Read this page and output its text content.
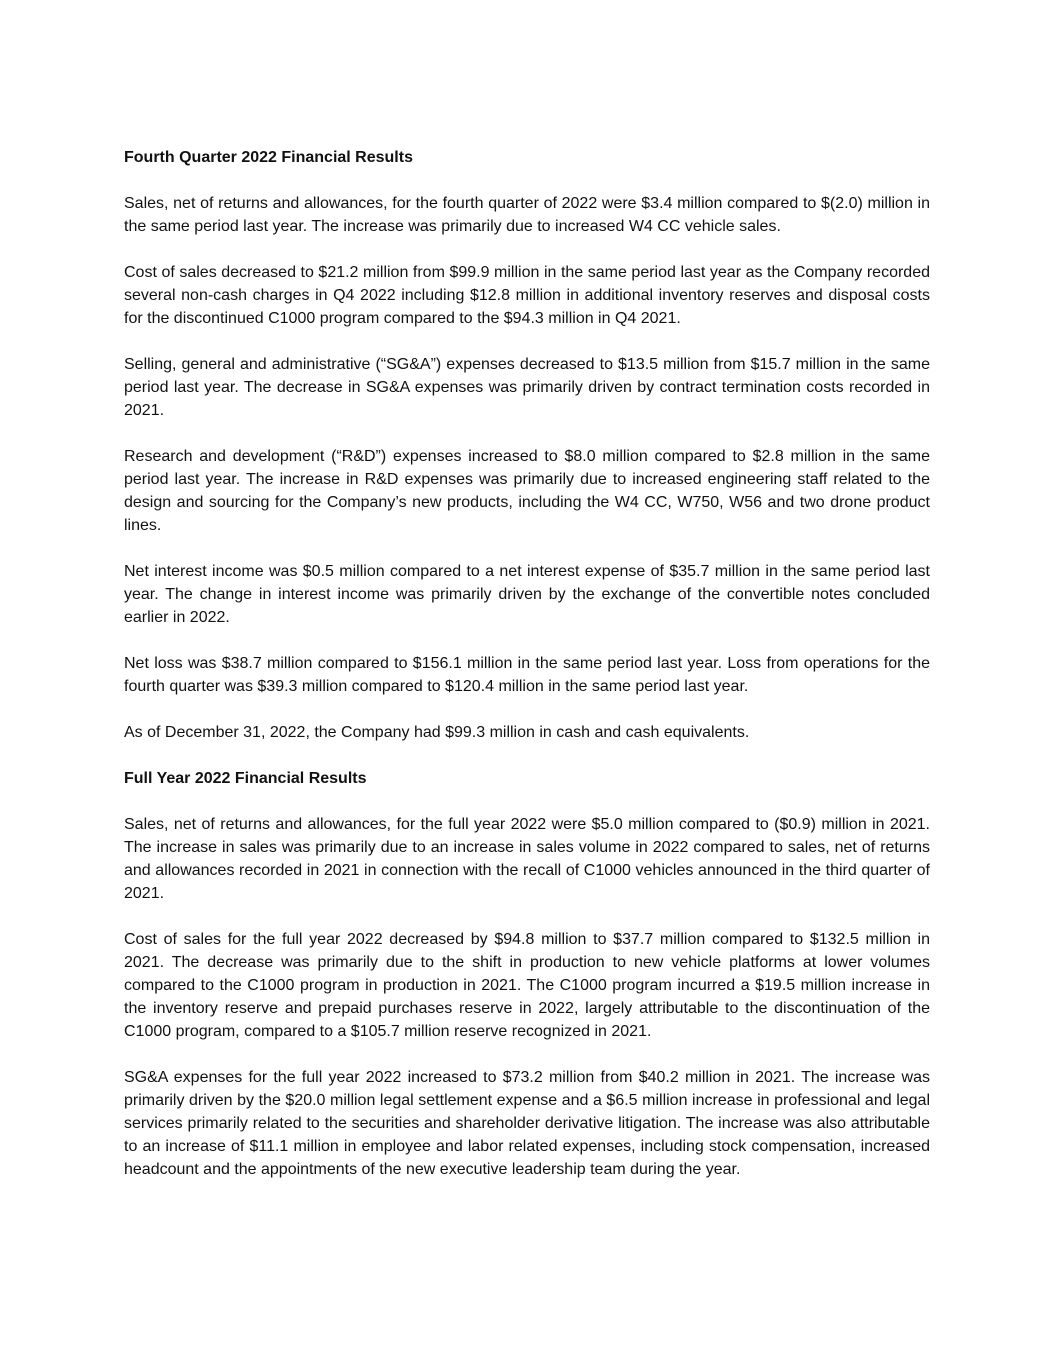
Fourth Quarter 2022 Financial Results

Sales, net of returns and allowances, for the fourth quarter of 2022 were $3.4 million compared to $(2.0) million in the same period last year. The increase was primarily due to increased W4 CC vehicle sales.

Cost of sales decreased to $21.2 million from $99.9 million in the same period last year as the Company recorded several non-cash charges in Q4 2022 including $12.8 million in additional inventory reserves and disposal costs for the discontinued C1000 program compared to the $94.3 million in Q4 2021.

Selling, general and administrative (“SG&A”) expenses decreased to $13.5 million from $15.7 million in the same period last year. The decrease in SG&A expenses was primarily driven by contract termination costs recorded in 2021.

Research and development (“R&D”) expenses increased to $8.0 million compared to $2.8 million in the same period last year. The increase in R&D expenses was primarily due to increased engineering staff related to the design and sourcing for the Company’s new products, including the W4 CC, W750, W56 and two drone product lines.

Net interest income was $0.5 million compared to a net interest expense of $35.7 million in the same period last year. The change in interest income was primarily driven by the exchange of the convertible notes concluded earlier in 2022.

Net loss was $38.7 million compared to $156.1 million in the same period last year. Loss from operations for the fourth quarter was $39.3 million compared to $120.4 million in the same period last year.

As of December 31, 2022, the Company had $99.3 million in cash and cash equivalents.

Full Year 2022 Financial Results

Sales, net of returns and allowances, for the full year 2022 were $5.0 million compared to ($0.9) million in 2021. The increase in sales was primarily due to an increase in sales volume in 2022 compared to sales, net of returns and allowances recorded in 2021 in connection with the recall of C1000 vehicles announced in the third quarter of 2021.

Cost of sales for the full year 2022 decreased by $94.8 million to $37.7 million compared to $132.5 million in 2021. The decrease was primarily due to the shift in production to new vehicle platforms at lower volumes compared to the C1000 program in production in 2021. The C1000 program incurred a $19.5 million increase in the inventory reserve and prepaid purchases reserve in 2022, largely attributable to the discontinuation of the C1000 program, compared to a $105.7 million reserve recognized in 2021.

SG&A expenses for the full year 2022 increased to $73.2 million from $40.2 million in 2021. The increase was primarily driven by the $20.0 million legal settlement expense and a $6.5 million increase in professional and legal services primarily related to the securities and shareholder derivative litigation. The increase was also attributable to an increase of $11.1 million in employee and labor related expenses, including stock compensation, increased headcount and the appointments of the new executive leadership team during the year.
